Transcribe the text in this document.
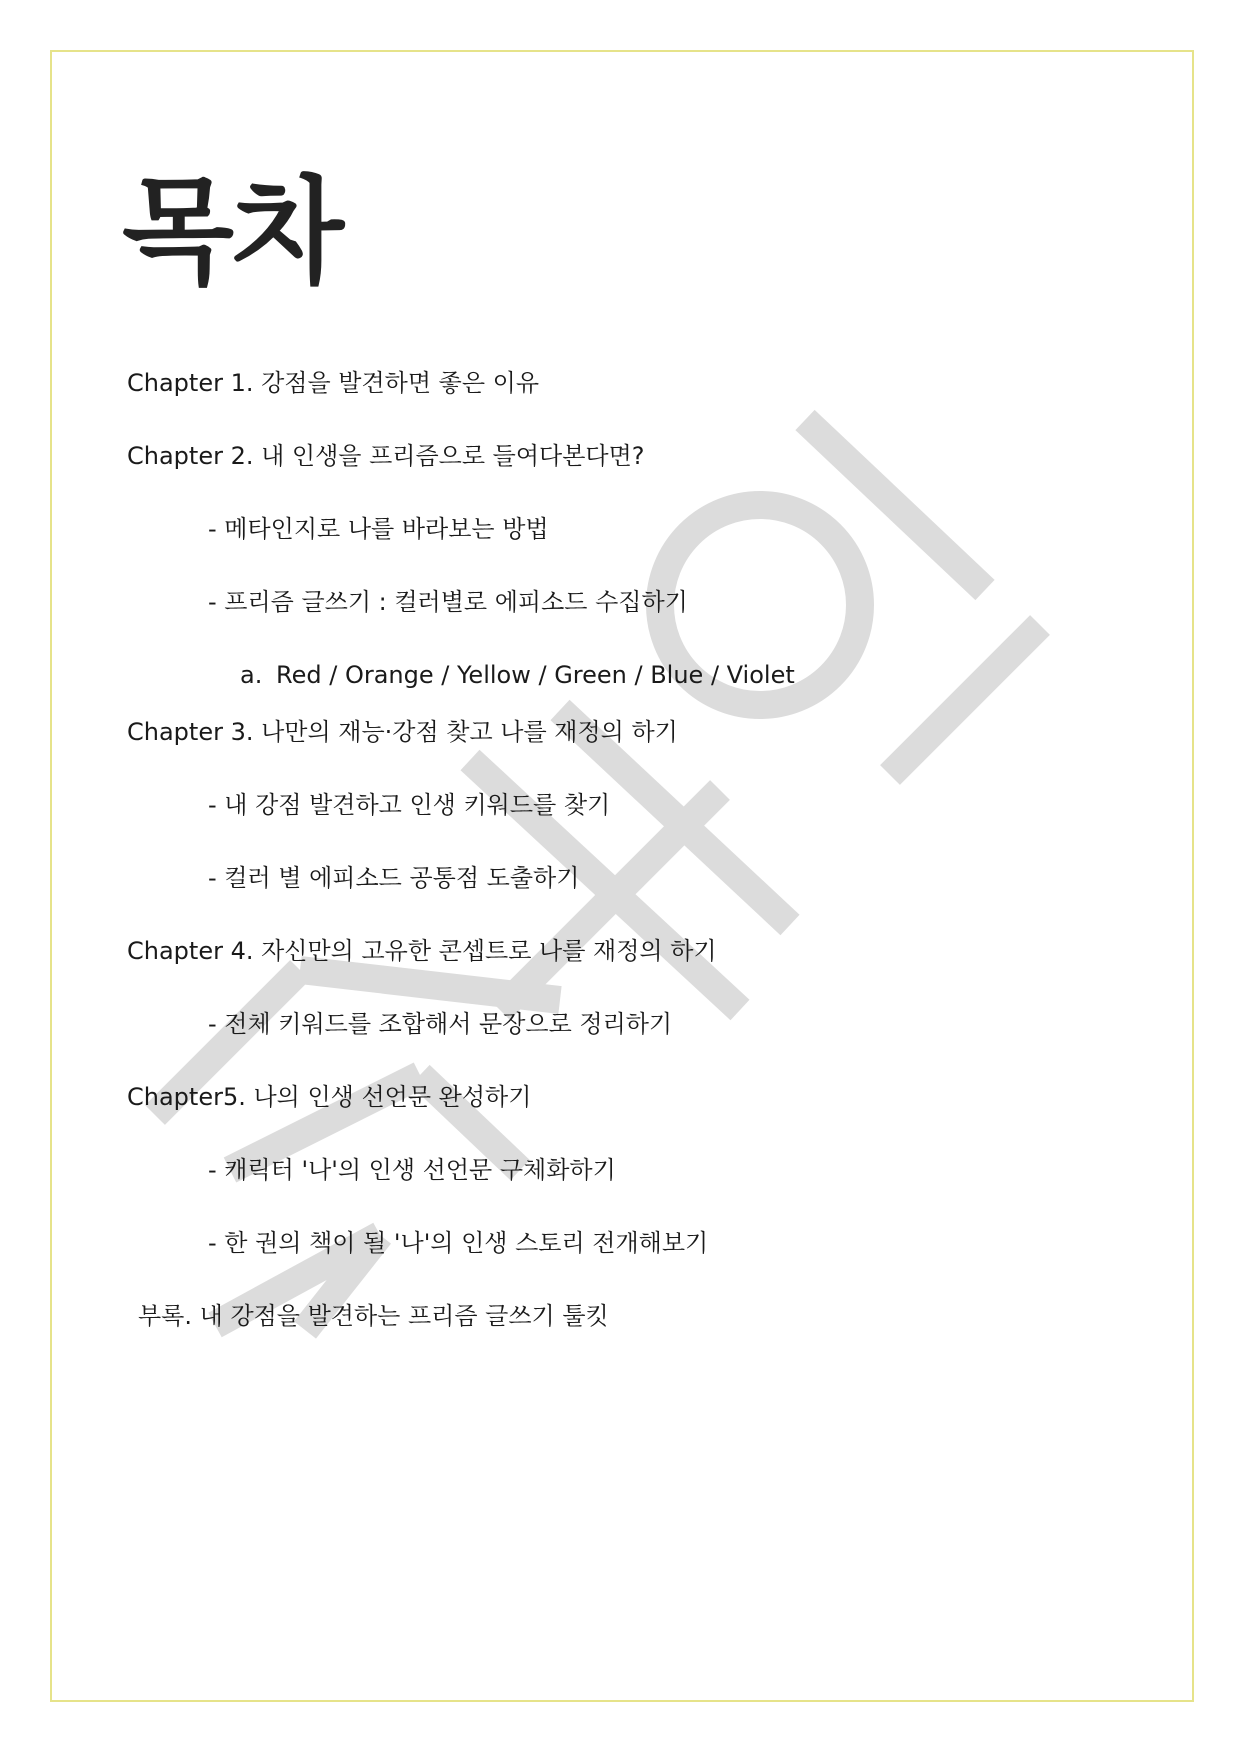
목차

Chapter 1. 강점을 발견하면 좋은 이유

Chapter 2. 내 인생을 프리즘으로 들여다본다면?

- 메타인지로 나를 바라보는 방법

- 프리즘 글쓰기 : 컬러별로 에피소드 수집하기

a. Red / Orange / Yellow / Green / Blue / Violet

Chapter 3. 나만의 재능·강점 찾고 나를 재정의 하기

- 내 강점 발견하고 인생 키워드를 찾기

- 컬러 별 에피소드 공통점 도출하기

Chapter 4. 자신만의 고유한 콘셉트로 나를 재정의 하기

- 전체 키워드를 조합해서 문장으로 정리하기

Chapter5. 나의 인생 선언문 완성하기

- 캐릭터 '나'의 인생 선언문 구체화하기

- 한 권의 책이 될 '나'의 인생 스토리 전개해보기

부록. 내 강점을 발견하는 프리즘 글쓰기 툴킷
